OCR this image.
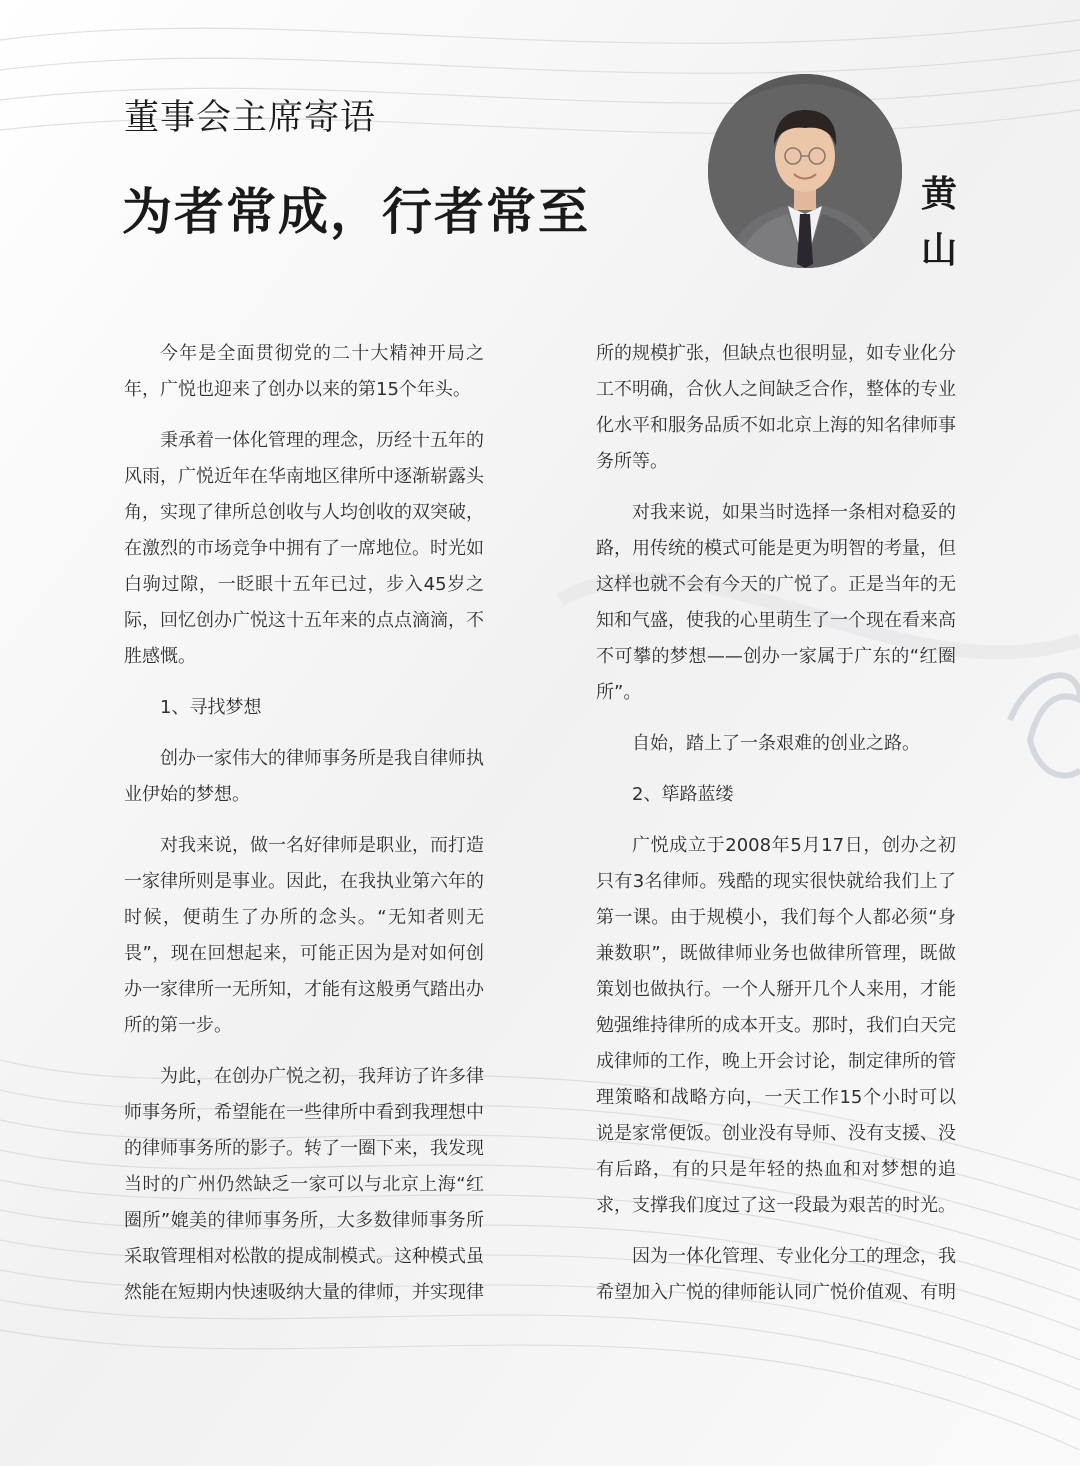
董事会主席寄语
为者常成，行者常至	黄
山

今年是全面贯彻党的二十大精神开局之年，广悦也迎来了创办以来的第15个年头。

秉承着一体化管理的理念，历经十五年的风雨，广悦近年在华南地区律所中逐渐崭露头角，实现了律所总创收与人均创收的双突破，在激烈的市场竞争中拥有了一席地位。时光如白驹过隙，一眨眼十五年已过，步入45岁之际，回忆创办广悦这十五年来的点点滴滴，不胜感慨。

1、寻找梦想

创办一家伟大的律师事务所是我自律师执业伊始的梦想。

对我来说，做一名好律师是职业，而打造一家律所则是事业。因此，在我执业第六年的时候，便萌生了办所的念头。“无知者则无畏”，现在回想起来，可能正因为是对如何创办一家律所一无所知，才能有这般勇气踏出办所的第一步。

为此，在创办广悦之初，我拜访了许多律师事务所，希望能在一些律所中看到我理想中的律师事务所的影子。转了一圈下来，我发现当时的广州仍然缺乏一家可以与北京上海“红圈所”媲美的律师事务所，大多数律师事务所采取管理相对松散的提成制模式。这种模式虽然能在短期内快速吸纳大量的律师，并实现律

所的规模扩张，但缺点也很明显，如专业化分工不明确，合伙人之间缺乏合作，整体的专业化水平和服务品质不如北京上海的知名律师事务所等。

对我来说，如果当时选择一条相对稳妥的路，用传统的模式可能是更为明智的考量，但这样也就不会有今天的广悦了。正是当年的无知和气盛，使我的心里萌生了一个现在看来高不可攀的梦想——创办一家属于广东的“红圈所”。

自始，踏上了一条艰难的创业之路。

2、筚路蓝缕

广悦成立于2008年5月17日，创办之初只有3名律师。残酷的现实很快就给我们上了第一课。由于规模小，我们每个人都必须“身兼数职”，既做律师业务也做律所管理，既做策划也做执行。一个人掰开几个人来用，才能勉强维持律所的成本开支。那时，我们白天完成律师的工作，晚上开会讨论，制定律所的管理策略和战略方向，一天工作15个小时可以说是家常便饭。创业没有导师、没有支援、没有后路，有的只是年轻的热血和对梦想的追求，支撑我们度过了这一段最为艰苦的时光。

因为一体化管理、专业化分工的理念，我希望加入广悦的律师能认同广悦价值观、有明
